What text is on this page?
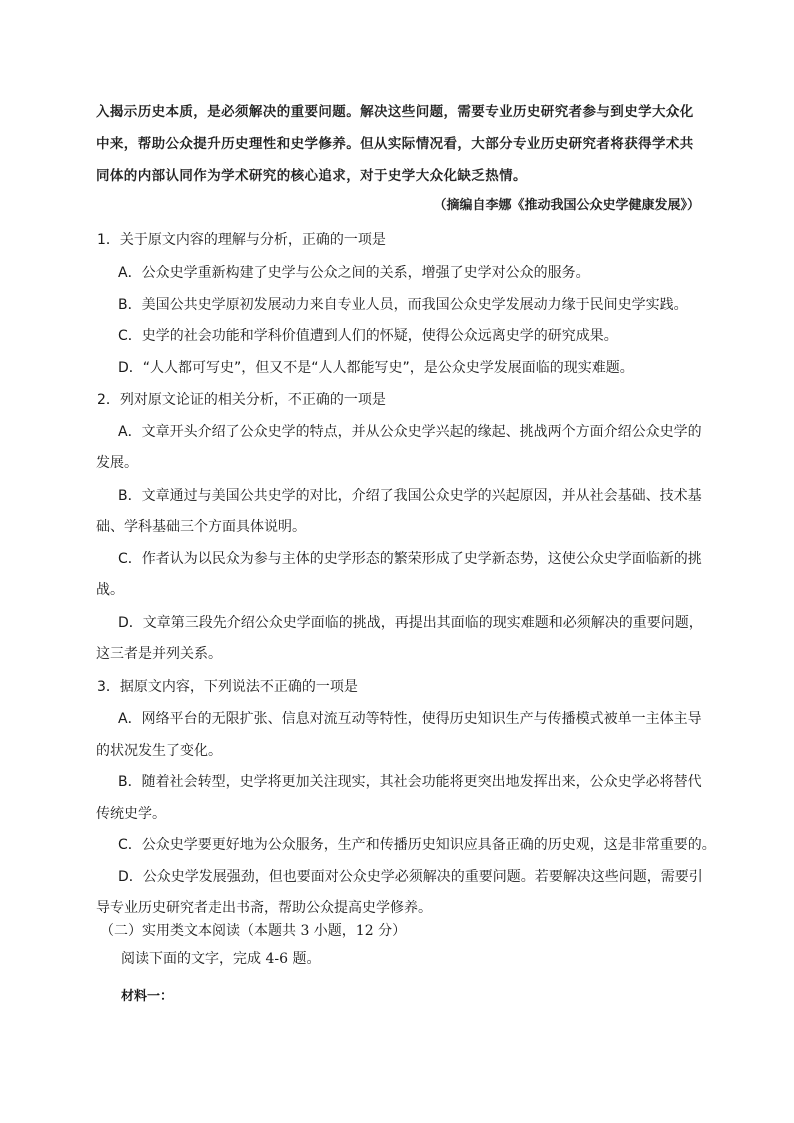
入揭示历史本质，是必须解决的重要问题。解决这些问题，需要专业历史研究者参与到史学大众化
中来，帮助公众提升历史理性和史学修养。但从实际情况看，大部分专业历史研究者将获得学术共
同体的内部认同作为学术研究的核心追求，对于史学大众化缺乏热情。
（摘编自李娜《推动我国公众史学健康发展》）
1．关于原文内容的理解与分析，正确的一项是
A．公众史学重新构建了史学与公众之间的关系，增强了史学对公众的服务。
B．美国公共史学原初发展动力来自专业人员，而我国公众史学发展动力缘于民间史学实践。
C．史学的社会功能和学科价值遭到人们的怀疑，使得公众远离史学的研究成果。
D．“人人都可写史”，但又不是“人人都能写史”，是公众史学发展面临的现实难题。
2．列对原文论证的相关分析，不正确的一项是
A．文章开头介绍了公众史学的特点，并从公众史学兴起的缘起、挑战两个方面介绍公众史学的
发展。
B．文章通过与美国公共史学的对比，介绍了我国公众史学的兴起原因，并从社会基础、技术基
础、学科基础三个方面具体说明。
C．作者认为以民众为参与主体的史学形态的繁荣形成了史学新态势，这使公众史学面临新的挑
战。
D．文章第三段先介绍公众史学面临的挑战，再提出其面临的现实难题和必须解决的重要问题，
这三者是并列关系。
3．据原文内容，下列说法不正确的一项是
A．网络平台的无限扩张、信息对流互动等特性，使得历史知识生产与传播模式被单一主体主导
的状况发生了变化。
B．随着社会转型，史学将更加关注现实，其社会功能将更突出地发挥出来，公众史学必将替代
传统史学。
C．公众史学要更好地为公众服务，生产和传播历史知识应具备正确的历史观，这是非常重要的。
D．公众史学发展强劲，但也要面对公众史学必须解决的重要问题。若要解决这些问题，需要引
导专业历史研究者走出书斋，帮助公众提高史学修养。
（二）实用类文本阅读（本题共 3 小题，12 分）
阅读下面的文字，完成 4-6 题。
材料一：
